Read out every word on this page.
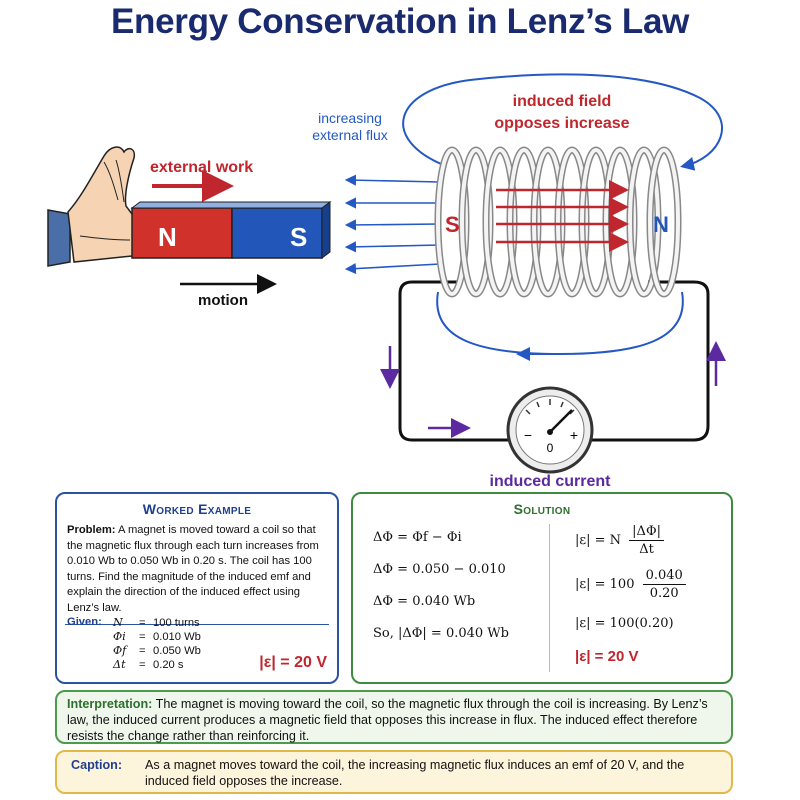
Energy Conservation in Lenz’s Law
external work
N	S
motion
increasing
external flux
induced field
opposes increase
S	N
0
−	+
induced current
Worked Example
Problem: A magnet is moved toward a coil so that the magnetic flux through each turn increases from 0.010 Wb to 0.050 Wb in 0.20 s. The coil has 100 turns. Find the magnitude of the induced emf and explain the direction of the induced effect using Lenz’s law.
Given: N = 100 turns
Φi = 0.010 Wb
Φf = 0.050 Wb
Δt = 0.20 s	|ε| = 20 V
Solution
ΔΦ = Φf − Φi
ΔΦ = 0.050 − 0.010
ΔΦ = 0.040 Wb
So, |ΔΦ| = 0.040 Wb
|ε| = N $\frac{|\Delta\Phi|}{\Delta t}$
$|\varepsilon| = 100 \frac{0.040}{0.20}$
|ε| = 100(0.20)
|ε| = 20 V
Interpretation: The magnet is moving toward the coil, so the magnetic flux through the coil is increasing. By Lenz’s law, the induced current produces a magnetic field that opposes this increase in flux. The induced effect therefore resists the change rather than reinforcing it.
Caption: As a magnet moves toward the coil, the increasing magnetic flux induces an emf of 20 V, and the induced field opposes the increase.
